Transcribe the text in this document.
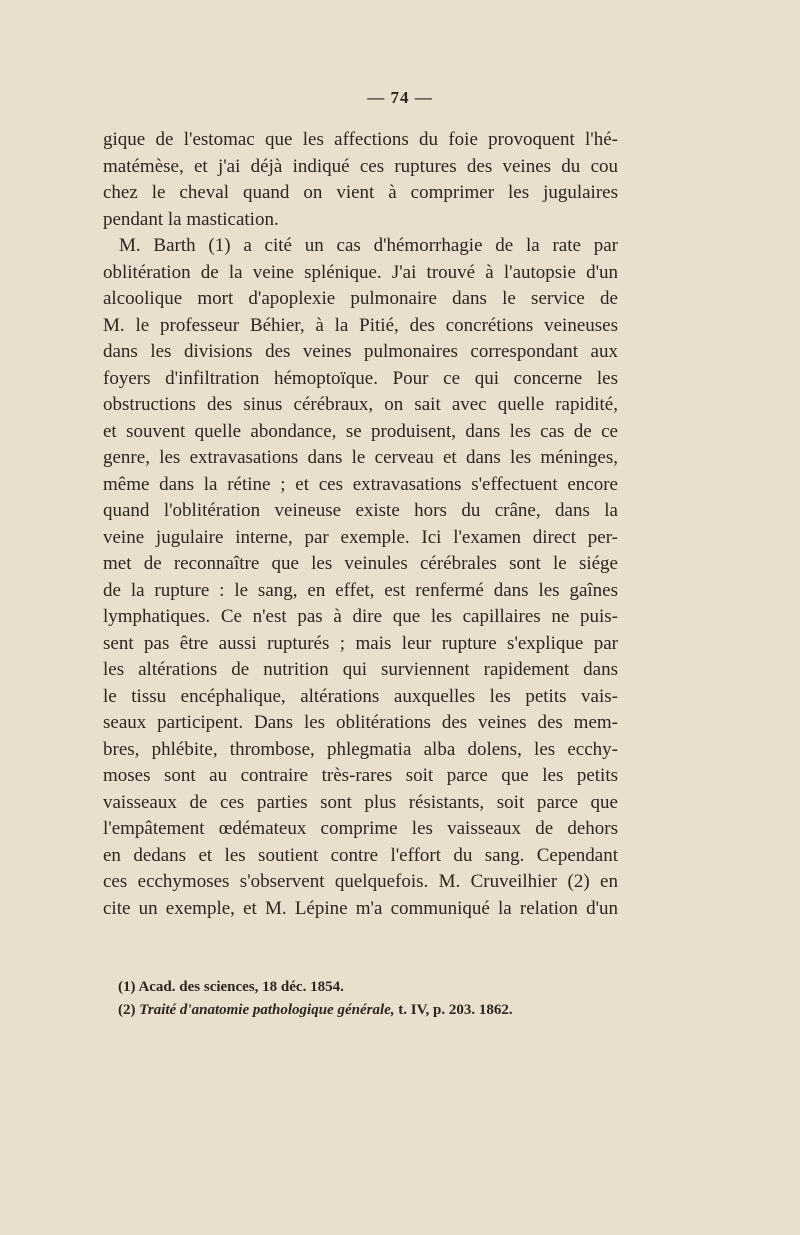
— 74 —
gique de l'estomac que les affections du foie provoquent l'hé-
matémèse, et j'ai déjà indiqué ces ruptures des veines du cou
chez le cheval quand on vient à comprimer les jugulaires
pendant la mastication.
M. Barth (1) a cité un cas d'hémorrhagie de la rate par
oblitération de la veine splénique. J'ai trouvé à l'autopsie d'un
alcoolique mort d'apoplexie pulmonaire dans le service de
M. le professeur Béhier, à la Pitié, des concrétions veineuses
dans les divisions des veines pulmonaires correspondant aux
foyers d'infiltration hémoptoïque. Pour ce qui concerne les
obstructions des sinus cérébraux, on sait avec quelle rapidité,
et souvent quelle abondance, se produisent, dans les cas de ce
genre, les extravasations dans le cerveau et dans les méninges,
même dans la rétine ; et ces extravasations s'effectuent encore
quand l'oblitération veineuse existe hors du crâne, dans la
veine jugulaire interne, par exemple. Ici l'examen direct per-
met de reconnaître que les veinules cérébrales sont le siége
de la rupture : le sang, en effet, est renfermé dans les gaînes
lymphatiques. Ce n'est pas à dire que les capillaires ne puis-
sent pas être aussi rupturés ; mais leur rupture s'explique par
les altérations de nutrition qui surviennent rapidement dans
le tissu encéphalique, altérations auxquelles les petits vais-
seaux participent. Dans les oblitérations des veines des mem-
bres, phlébite, thrombose, phlegmatia alba dolens, les ecchy-
moses sont au contraire très-rares soit parce que les petits
vaisseaux de ces parties sont plus résistants, soit parce que
l'empâtement œdémateux comprime les vaisseaux de dehors
en dedans et les soutient contre l'effort du sang. Cependant
ces ecchymoses s'observent quelquefois. M. Cruveilhier (2) en
cite un exemple, et M. Lépine m'a communiqué la relation d'un
(1) Acad. des sciences, 18 déc. 1854.
(2) Traité d'anatomie pathologique générale, t. IV, p. 203. 1862.
